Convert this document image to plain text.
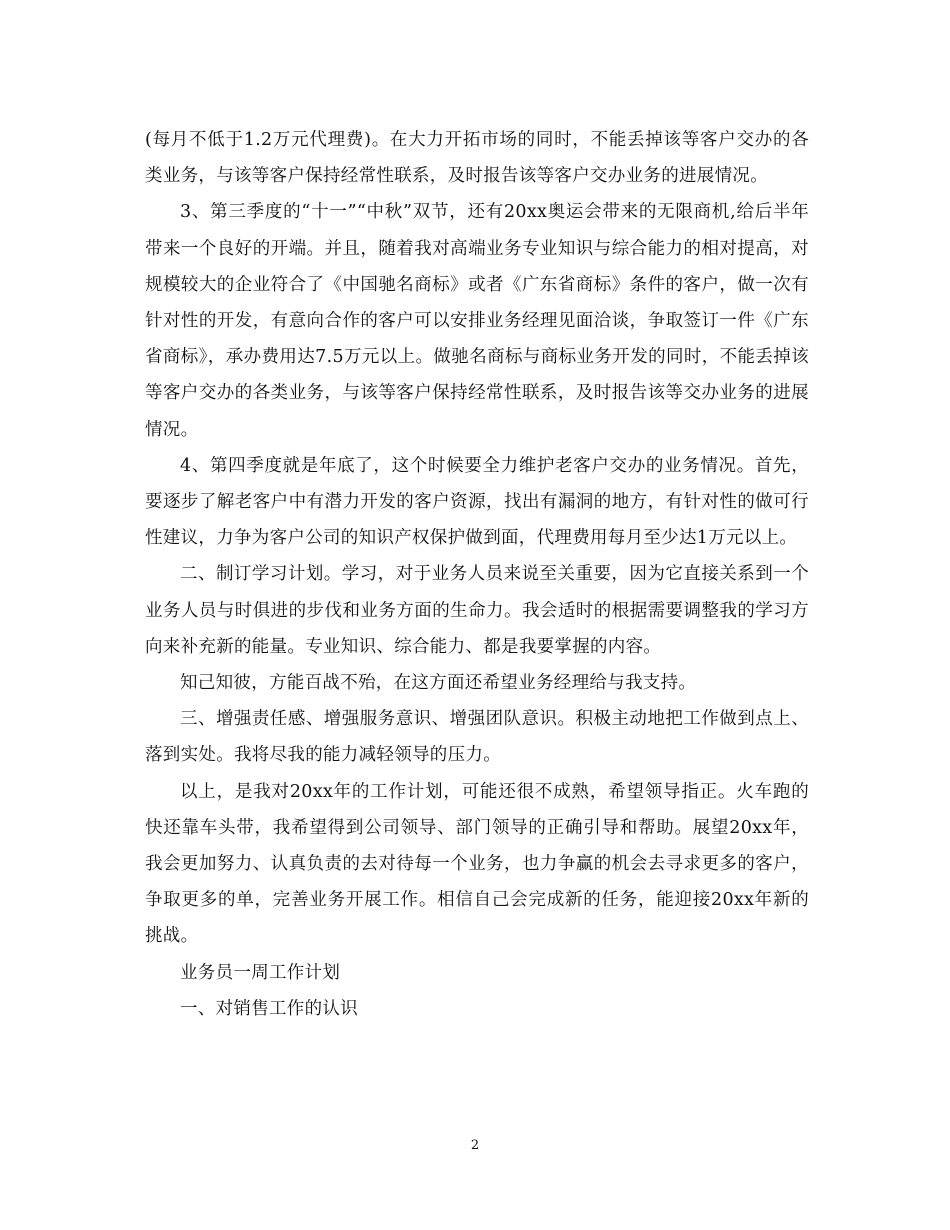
(每月不低于1.2万元代理费)。在大力开拓市场的同时，不能丢掉该等客户交办的各类业务，与该等客户保持经常性联系，及时报告该等客户交办业务的进展情况。

3、第三季度的“十一”“中秋”双节，还有20xx奥运会带来的无限商机,给后半年带来一个良好的开端。并且，随着我对高端业务专业知识与综合能力的相对提高，对规模较大的企业符合了《中国驰名商标》或者《广东省商标》条件的客户，做一次有针对性的开发，有意向合作的客户可以安排业务经理见面洽谈，争取签订一件《广东省商标》，承办费用达7.5万元以上。做驰名商标与商标业务开发的同时，不能丢掉该等客户交办的各类业务，与该等客户保持经常性联系，及时报告该等交办业务的进展情况。

4、第四季度就是年底了，这个时候要全力维护老客户交办的业务情况。首先，要逐步了解老客户中有潜力开发的客户资源，找出有漏洞的地方，有针对性的做可行性建议，力争为客户公司的知识产权保护做到面，代理费用每月至少达1万元以上。

二、制订学习计划。学习，对于业务人员来说至关重要，因为它直接关系到一个业务人员与时俱进的步伐和业务方面的生命力。我会适时的根据需要调整我的学习方向来补充新的能量。专业知识、综合能力、都是我要掌握的内容。

知己知彼，方能百战不殆，在这方面还希望业务经理给与我支持。

三、增强责任感、增强服务意识、增强团队意识。积极主动地把工作做到点上、落到实处。我将尽我的能力减轻领导的压力。

以上，是我对20xx年的工作计划，可能还很不成熟，希望领导指正。火车跑的快还靠车头带，我希望得到公司领导、部门领导的正确引导和帮助。展望20xx年，我会更加努力、认真负责的去对待每一个业务，也力争赢的机会去寻求更多的客户，争取更多的单，完善业务开展工作。相信自己会完成新的任务，能迎接20xx年新的挑战。

业务员一周工作计划

一、对销售工作的认识

2
